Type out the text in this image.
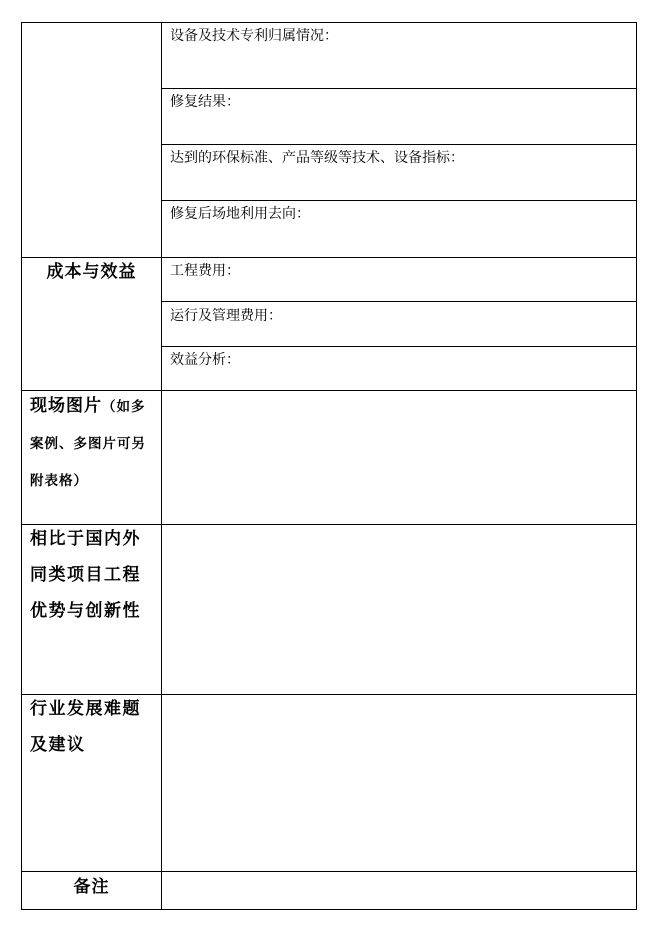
设备及技术专利归属情况：
修复结果：
达到的环保标准、产品等级等技术、设备指标：
修复后场地利用去向：
成本与效益	工程费用：
运行及管理费用：
效益分析：
现场图片（如多
案例、多图片可另
附表格）
相比于国内外
同类项目工程
优势与创新性
行业发展难题
及建议
备注
